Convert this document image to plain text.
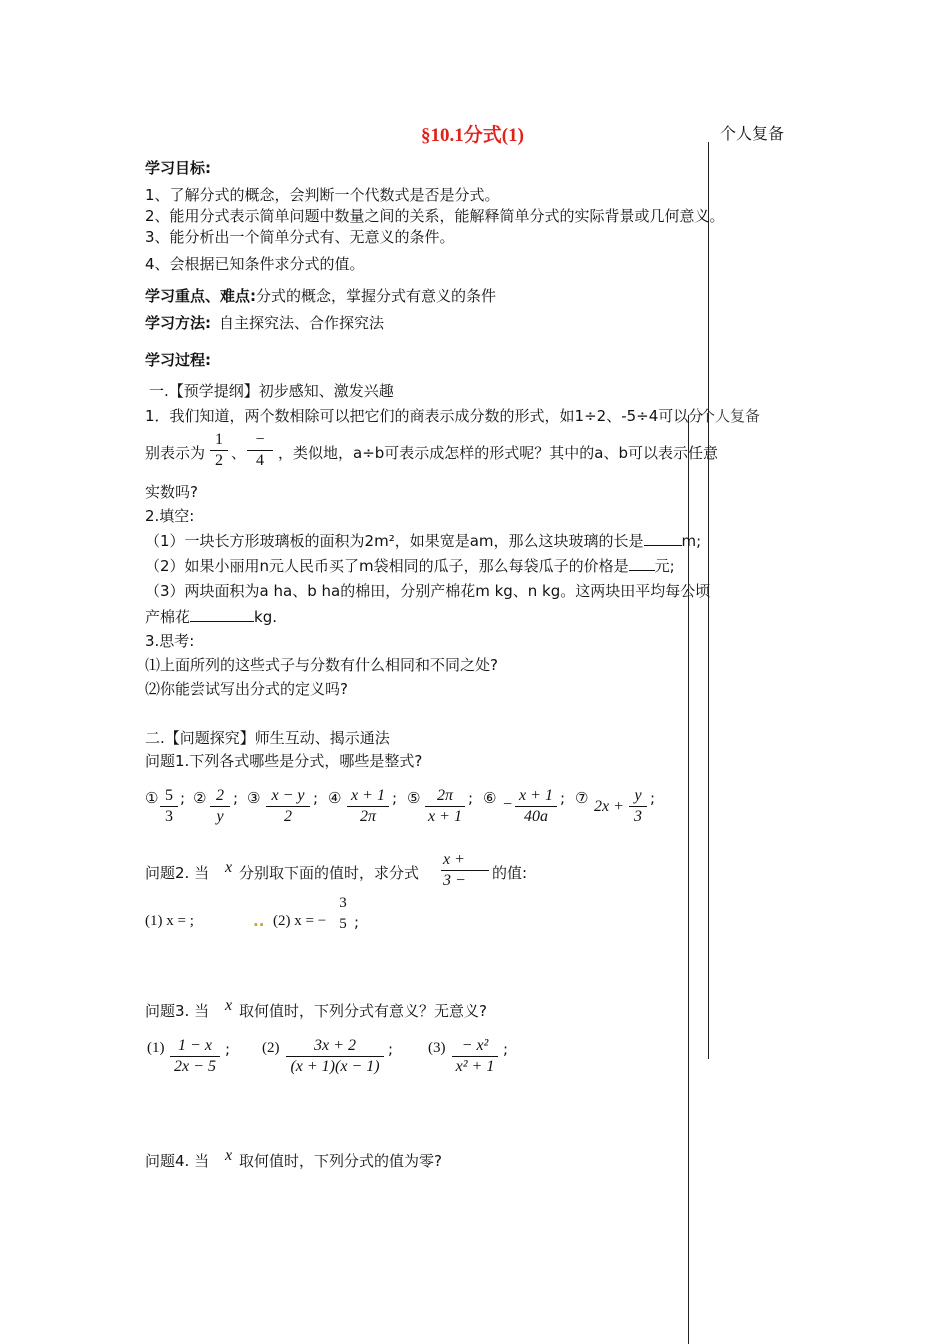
§10.1分式(1)	个人复备
学习目标:
1、了解分式的概念，会判断一个代数式是否是分式。
2、能用分式表示简单问题中数量之间的关系，能解释简单分式的实际背景或几何意义。
3、能分析出一个简单分式有、无意义的条件。
4、会根据已知条件求分式的值。
学习重点、难点:分式的概念，掌握分式有意义的条件
学习方法: 自主探究法、合作探究法
学习过程:
一.【预学提纲】初步感知、激发兴趣
1．我们知道，两个数相除可以把它们的商表示成分数的形式，如1÷2、-5÷4可以分
个人复备
别表示为
1
2 、
−
4 ，类似地，a÷b可表示成怎样的形式呢？其中的a、b可以表示任意
实数吗?
2.填空:
（1）一块长方形玻璃板的面积为2m²，如果宽是am，那么这块玻璃的长是	m;
（2）如果小丽用n元人民币买了m袋相同的瓜子，那么每袋瓜子的价格是 元;
（3）两块面积为a ha、b ha的棉田，分别产棉花m kg、n kg。这两块田平均每公顷
产棉花	kg.
3.思考:
⑴上面所列的这些式子与分数有什么相同和不同之处?
⑵你能尝试写出分式的定义吗?
二.【问题探究】师生互动、揭示通法
问题1.下列各式哪些是分式，哪些是整式?
① 5
3
; ② 2
y
; ③ x − y
2
; ④ x + 1
2π
; ⑤	2π
x + 1
; ⑥ −
x + 1
40a
; ⑦ 2x +
y
3
;
问题2. 当 x 分别取下面的值时，求分式
x +
3 −	的值:
(1) x = ;	.. (2) x = −
3
5 ;
问题3. 当 x 取何值时，下列分式有意义？无意义?
(1) 1 − x
2x − 5
; (2)	3x + 2
(x + 1)(x − 1)
; (3)	− x²
x² + 1
;
问题4. 当 x 取何值时，下列分式的值为零?
